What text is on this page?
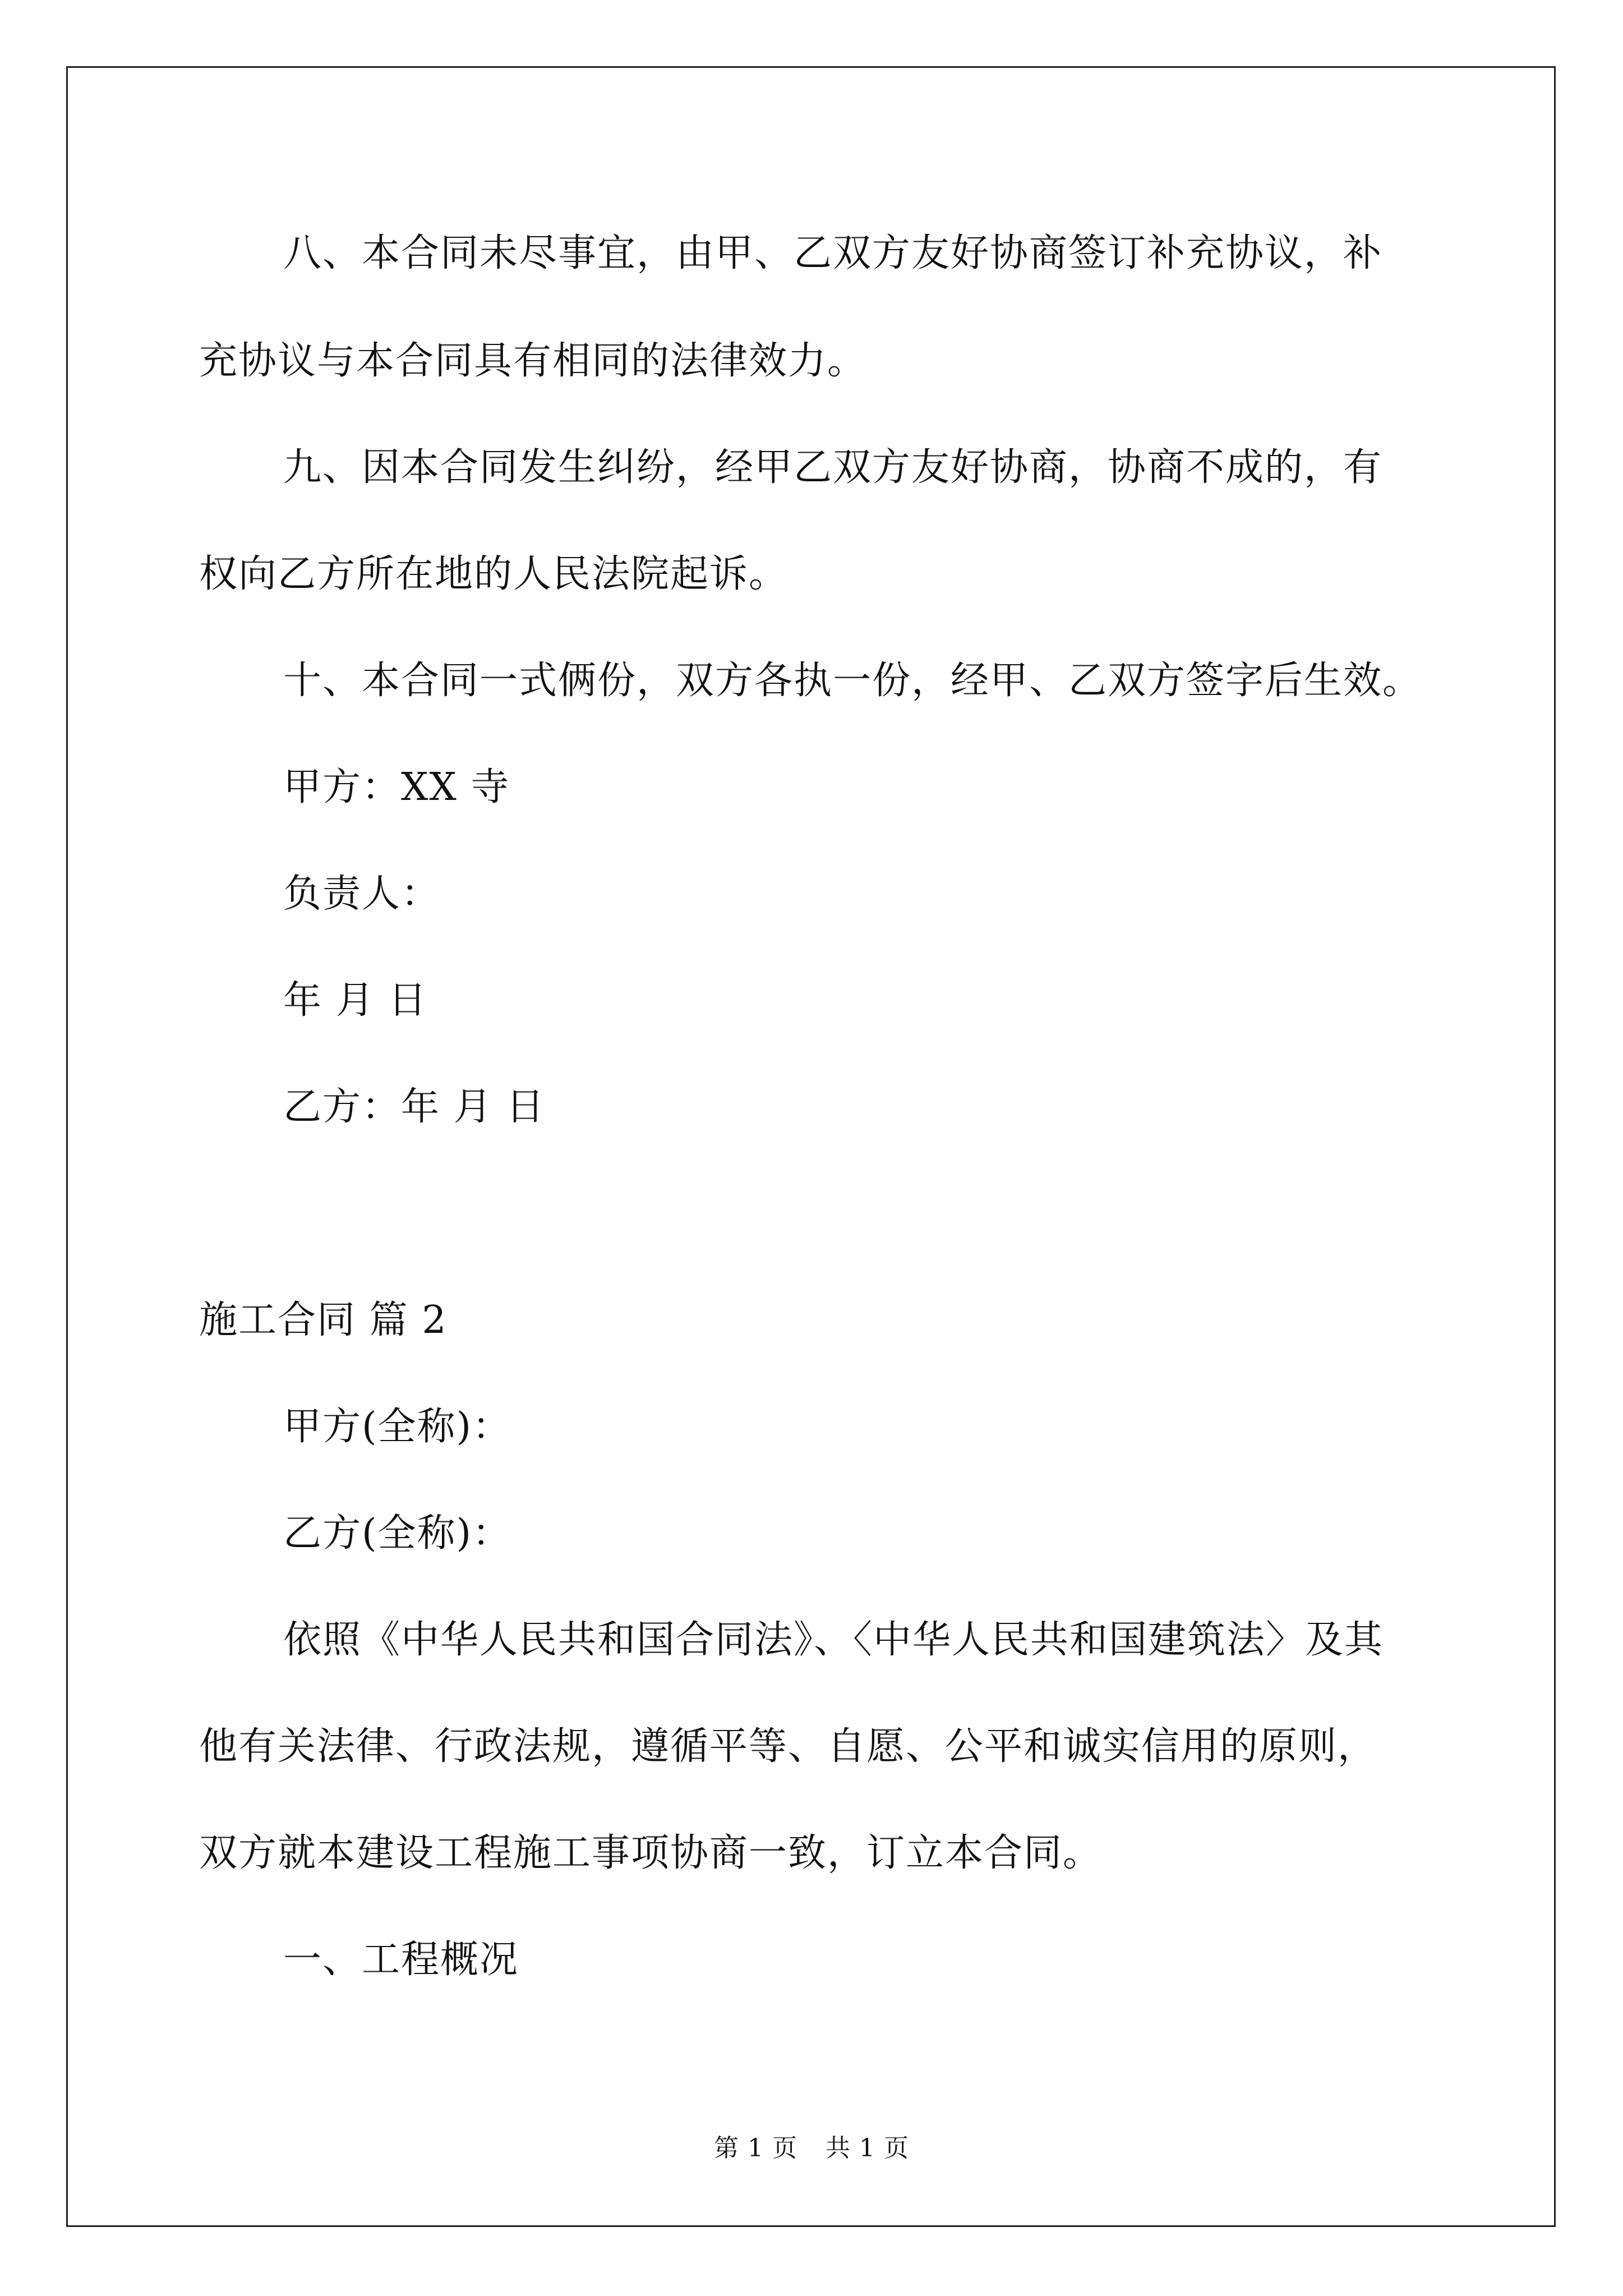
八、本合同未尽事宜，由甲、乙双方友好协商签订补充协议，补
充协议与本合同具有相同的法律效力。
九、因本合同发生纠纷，经甲乙双方友好协商，协商不成的，有
权向乙方所在地的人民法院起诉。
十、本合同一式俩份，双方各执一份，经甲、乙双方签字后生效。
甲方：XX 寺
负责人：
年 月 日
乙方：年 月 日
施工合同 篇 2
甲方(全称)：
乙方(全称)：
依照《中华人民共和国合同法》、〈中华人民共和国建筑法〉及其
他有关法律、行政法规，遵循平等、自愿、公平和诚实信用的原则，
双方就本建设工程施工事项协商一致，订立本合同。
一、工程概况
第 1 页 共 1 页
